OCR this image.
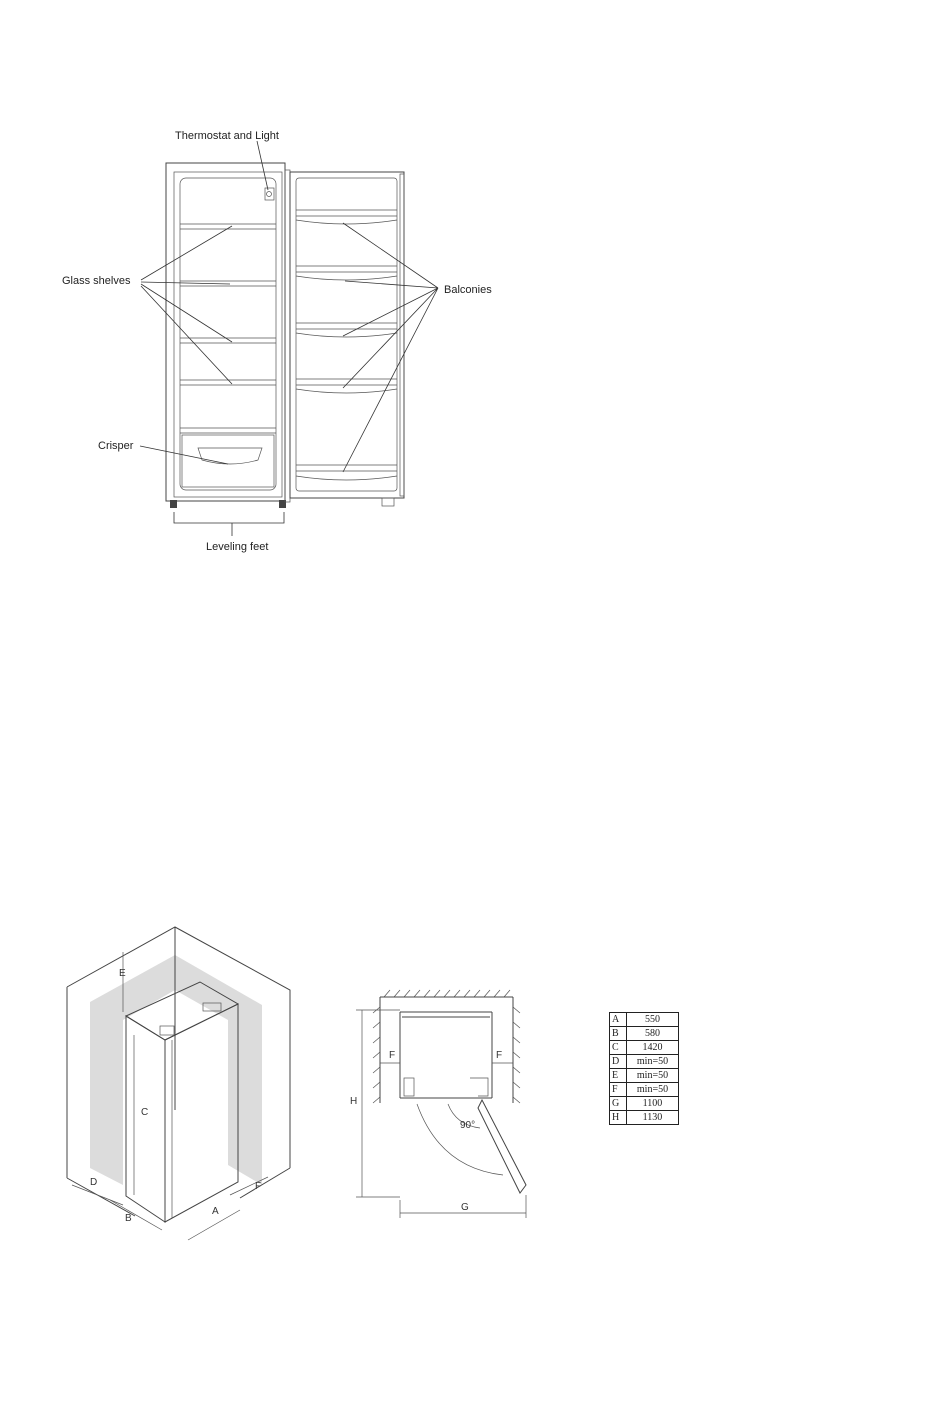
Thermostat and Light
Glass shelves
Balconies
Crisper
Leveling feet
E
C
D
B
A
F
90°
F	F
H
G
A	550
B	580
C	1420
D	min=50
E	min=50
F	min=50
G	1100
H	1130
